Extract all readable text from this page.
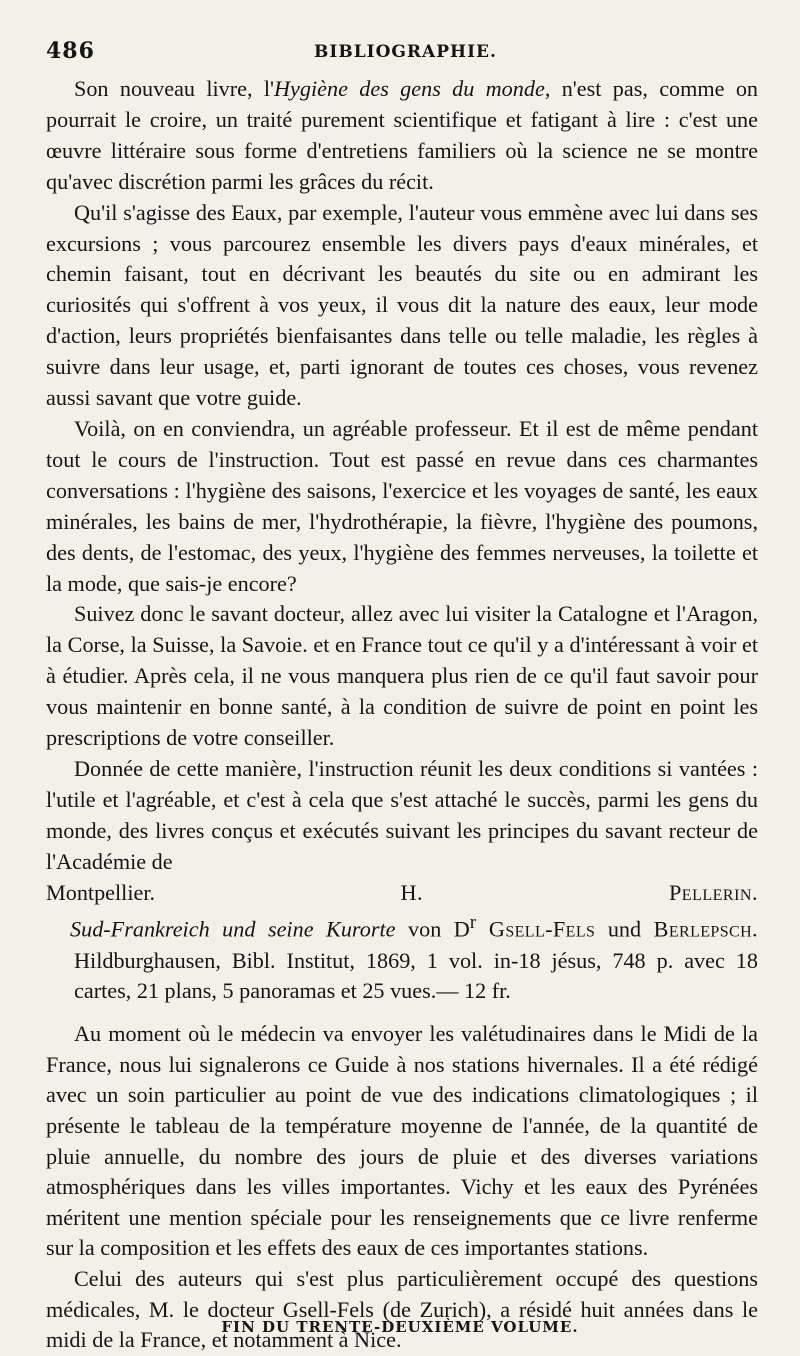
486	BIBLIOGRAPHIE.

Son nouveau livre, l'Hygiène des gens du monde, n'est pas, comme on pourrait le croire, un traité purement scientifique et fatigant à lire : c'est une œuvre littéraire sous forme d'entretiens familiers où la science ne se montre qu'avec discrétion parmi les grâces du récit.

Qu'il s'agisse des Eaux, par exemple, l'auteur vous emmène avec lui dans ses excursions ; vous parcourez ensemble les divers pays d'eaux minérales, et chemin faisant, tout en décrivant les beautés du site ou en admirant les curiosités qui s'offrent à vos yeux, il vous dit la nature des eaux, leur mode d'action, leurs propriétés bienfaisantes dans telle ou telle maladie, les règles à suivre dans leur usage, et, parti ignorant de toutes ces choses, vous revenez aussi savant que votre guide.

Voilà, on en conviendra, un agréable professeur. Et il est de même pendant tout le cours de l'instruction. Tout est passé en revue dans ces charmantes conversations : l'hygiène des saisons, l'exercice et les voyages de santé, les eaux minérales, les bains de mer, l'hydrothérapie, la fièvre, l'hygiène des poumons, des dents, de l'estomac, des yeux, l'hygiène des femmes nerveuses, la toilette et la mode, que sais-je encore?

Suivez donc le savant docteur, allez avec lui visiter la Catalogne et l'Aragon, la Corse, la Suisse, la Savoie. et en France tout ce qu'il y a d'intéressant à voir et à étudier. Après cela, il ne vous manquera plus rien de ce qu'il faut savoir pour vous maintenir en bonne santé, à la condition de suivre de point en point les prescriptions de votre conseiller.

Donnée de cette manière, l'instruction réunit les deux conditions si vantées : l'utile et l'agréable, et c'est à cela que s'est attaché le succès, parmi les gens du monde, des livres conçus et exécutés suivant les principes du savant recteur de l'Académie de

Montpellier.	H. Pellerin.

Sud-Frankreich und seine Kurorte von $D^r$ Gsell-Fels und Berlepsch. Hildburghausen, Bibl. Institut, 1869, 1 vol. in-18 jésus, 748 p. avec 18 cartes, 21 plans, 5 panoramas et 25 vues.— 12 fr.

Au moment où le médecin va envoyer les valétudinaires dans le Midi de la France, nous lui signalerons ce Guide à nos stations hivernales. Il a été rédigé avec un soin particulier au point de vue des indications climatologiques ; il présente le tableau de la température moyenne de l'année, de la quantité de pluie annuelle, du nombre des jours de pluie et des diverses variations atmosphériques dans les villes importantes. Vichy et les eaux des Pyrénées méritent une mention spéciale pour les renseignements que ce livre renferme sur la composition et les effets des eaux de ces importantes stations.

Celui des auteurs qui s'est plus particulièrement occupé des questions médicales, M. le docteur Gsell-Fels (de Zurich), a résidé huit années dans le midi de la France, et notamment à Nice.

FIN DU TRENTE-DEUXIÈME VOLUME.
